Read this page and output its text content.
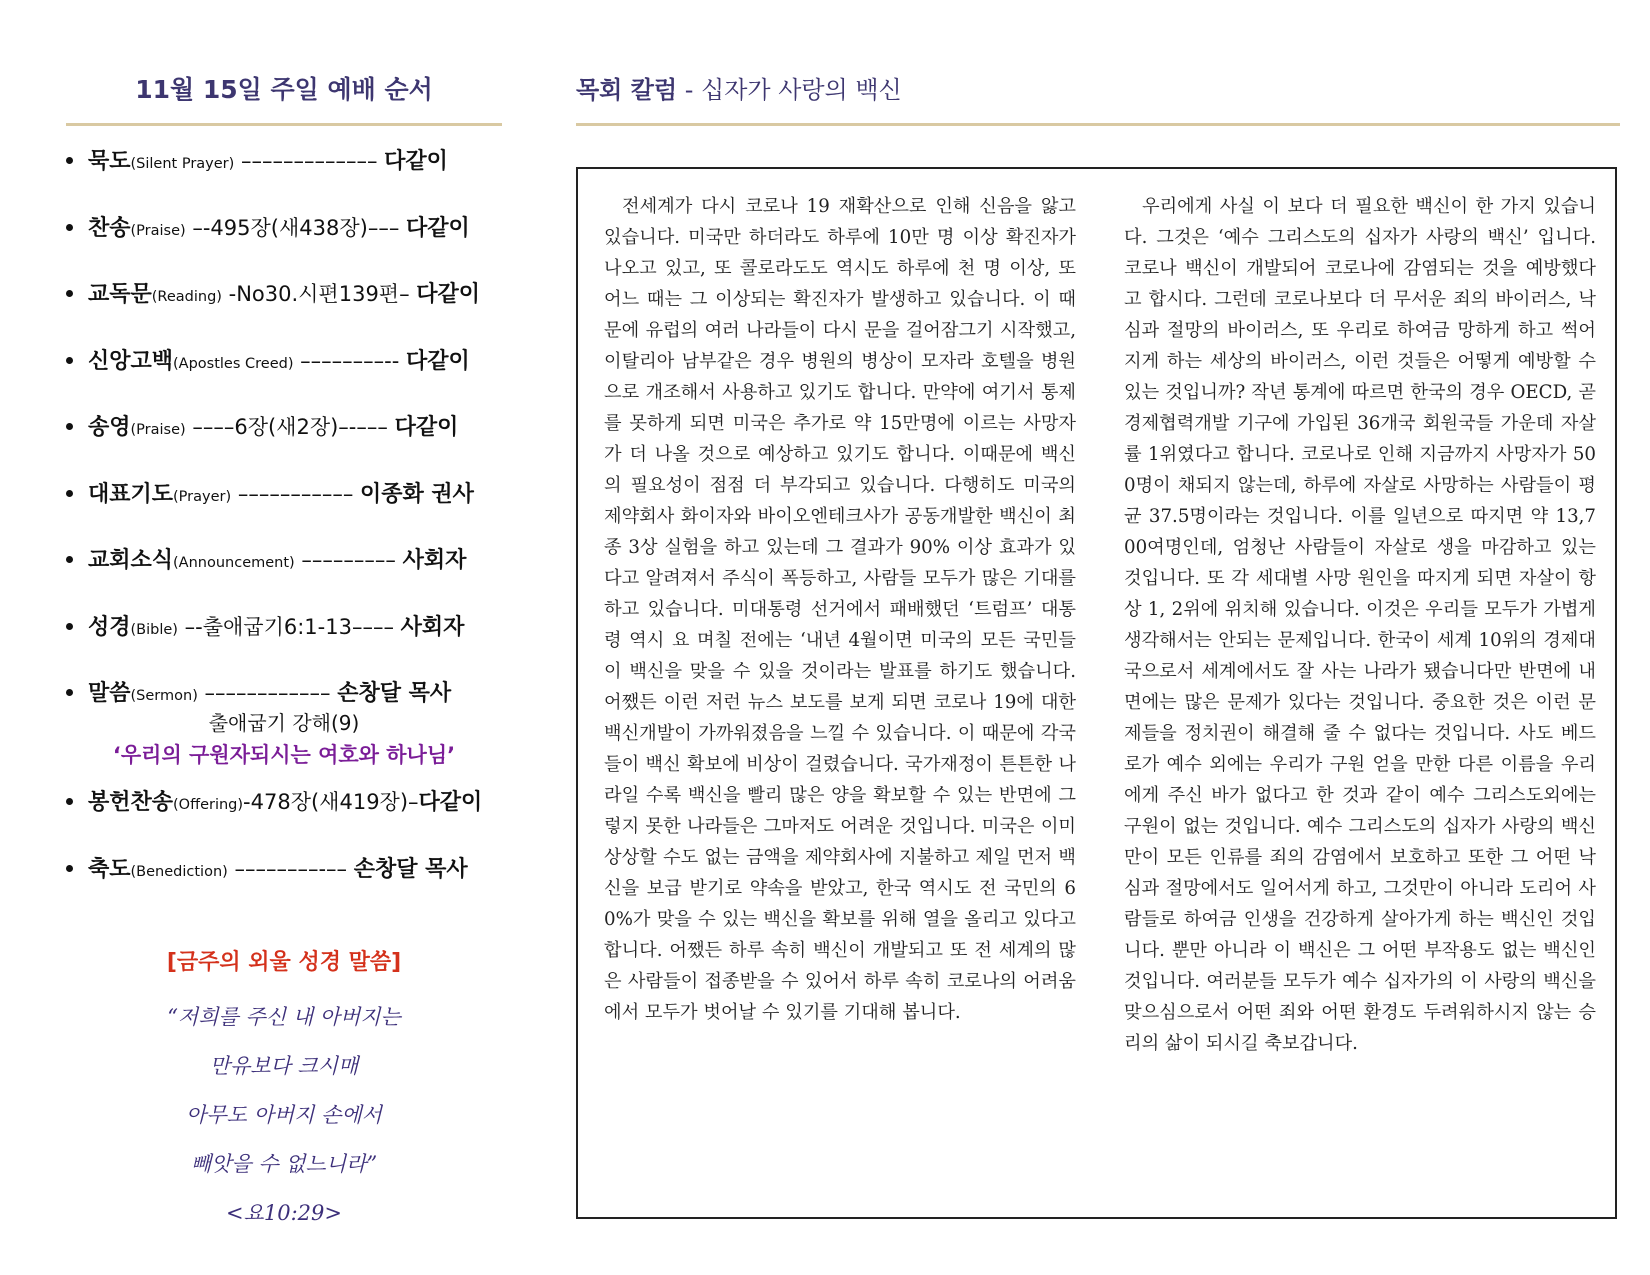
11월 15일 주일 예배 순서
묵도(Silent Prayer) ––––––––––––– 다같이
찬송(Praise) –-495장(새438장)––– 다같이
교독문(Reading) -No30.시편139편– 다같이
신앙고백(Apostles Creed) ––––––––-- 다같이
송영(Praise) ––––6장(새2장)–-––– 다같이
대표기도(Prayer) ––––––––––– 이종화 권사
교회소식(Announcement) ––––––––– 사회자
성경(Bible) –-출애굽기6:1-13–––– 사회자
말씀(Sermon) –––––––––––– 손창달 목사
출애굽기 강해(9)
‘우리의 구원자되시는 여호와 하나님’
봉헌찬송(Offering)-478장(새419장)–다같이
축도(Benediction) ––––––––-–– 손창달 목사
[금주의 외울 성경 말씀]
“저희를 주신 내 아버지는
만유보다 크시매
아무도 아버지 손에서
빼앗을 수 없느니라”
<요10:29>
목회 칼럼 - 십자가 사랑의 백신
전세계가 다시 코로나 19 재확산으로 인해 신음을 앓고 있습니다. 미국만 하더라도 하루에 10만 명 이상 확진자가 나오고 있고, 또 콜로라도도 역시도 하루에 천 명 이상, 또 어느 때는 그 이상되는 확진자가 발생하고 있습니다. 이 때문에 유럽의 여러 나라들이 다시 문을 걸어잠그기 시작했고, 이탈리아 남부같은 경우 병원의 병상이 모자라 호텔을 병원으로 개조해서 사용하고 있기도 합니다. 만약에 여기서 통제를 못하게 되면 미국은 추가로 약 15만명에 이르는 사망자가 더 나올 것으로 예상하고 있기도 합니다. 이때문에 백신의 필요성이 점점 더 부각되고 있습니다. 다행히도 미국의 제약회사 화이자와 바이오엔테크사가 공동개발한 백신이 최종 3상 실험을 하고 있는데 그 결과가 90% 이상 효과가 있다고 알려져서 주식이 폭등하고, 사람들 모두가 많은 기대를 하고 있습니다. 미대통령 선거에서 패배했던 ‘트럼프’ 대통령 역시 요 며칠 전에는 ‘내년 4월이면 미국의 모든 국민들이 백신을 맞을 수 있을 것이라는 발표를 하기도 했습니다. 어쨌든 이런 저런 뉴스 보도를 보게 되면 코로나 19에 대한 백신개발이 가까워졌음을 느낄 수 있습니다. 이 때문에 각국들이 백신 확보에 비상이 걸렸습니다. 국가재정이 튼튼한 나라일 수록 백신을 빨리 많은 양을 확보할 수 있는 반면에 그렇지 못한 나라들은 그마저도 어려운 것입니다. 미국은 이미 상상할 수도 없는 금액을 제약회사에 지불하고 제일 먼저 백신을 보급 받기로 약속을 받았고, 한국 역시도 전 국민의 60%가 맞을 수 있는 백신을 확보를 위해 열을 올리고 있다고 합니다. 어쨌든 하루 속히 백신이 개발되고 또 전 세계의 많은 사람들이 접종받을 수 있어서 하루 속히 코로나의 어려움에서 모두가 벗어날 수 있기를 기대해 봅니다.
우리에게 사실 이 보다 더 필요한 백신이 한 가지 있습니다. 그것은 ‘예수 그리스도의 십자가 사랑의 백신’ 입니다. 코로나 백신이 개발되어 코로나에 감염되는 것을 예방했다고 합시다. 그런데 코로나보다 더 무서운 죄의 바이러스, 낙심과 절망의 바이러스, 또 우리로 하여금 망하게 하고 썩어지게 하는 세상의 바이러스, 이런 것들은 어떻게 예방할 수 있는 것입니까? 작년 통계에 따르면 한국의 경우 OECD, 곧 경제협력개발 기구에 가입된 36개국 회원국들 가운데 자살률 1위였다고 합니다. 코로나로 인해 지금까지 사망자가 500명이 채되지 않는데, 하루에 자살로 사망하는 사람들이 평균 37.5명이라는 것입니다. 이를 일년으로 따지면 약 13,700여명인데, 엄청난 사람들이 자살로 생을 마감하고 있는 것입니다. 또 각 세대별 사망 원인을 따지게 되면 자살이 항상 1, 2위에 위치해 있습니다. 이것은 우리들 모두가 가볍게 생각해서는 안되는 문제입니다. 한국이 세계 10위의 경제대국으로서 세계에서도 잘 사는 나라가 됐습니다만 반면에 내면에는 많은 문제가 있다는 것입니다. 중요한 것은 이런 문제들을 정치권이 해결해 줄 수 없다는 것입니다. 사도 베드로가 예수 외에는 우리가 구원 얻을 만한 다른 이름을 우리에게 주신 바가 없다고 한 것과 같이 예수 그리스도외에는 구원이 없는 것입니다. 예수 그리스도의 십자가 사랑의 백신만이 모든 인류를 죄의 감염에서 보호하고 또한 그 어떤 낙심과 절망에서도 일어서게 하고, 그것만이 아니라 도리어 사람들로 하여금 인생을 건강하게 살아가게 하는 백신인 것입니다. 뿐만 아니라 이 백신은 그 어떤 부작용도 없는 백신인 것입니다. 여러분들 모두가 예수 십자가의 이 사랑의 백신을 맞으심으로서 어떤 죄와 어떤 환경도 두려워하시지 않는 승리의 삶이 되시길 축보갑니다.
